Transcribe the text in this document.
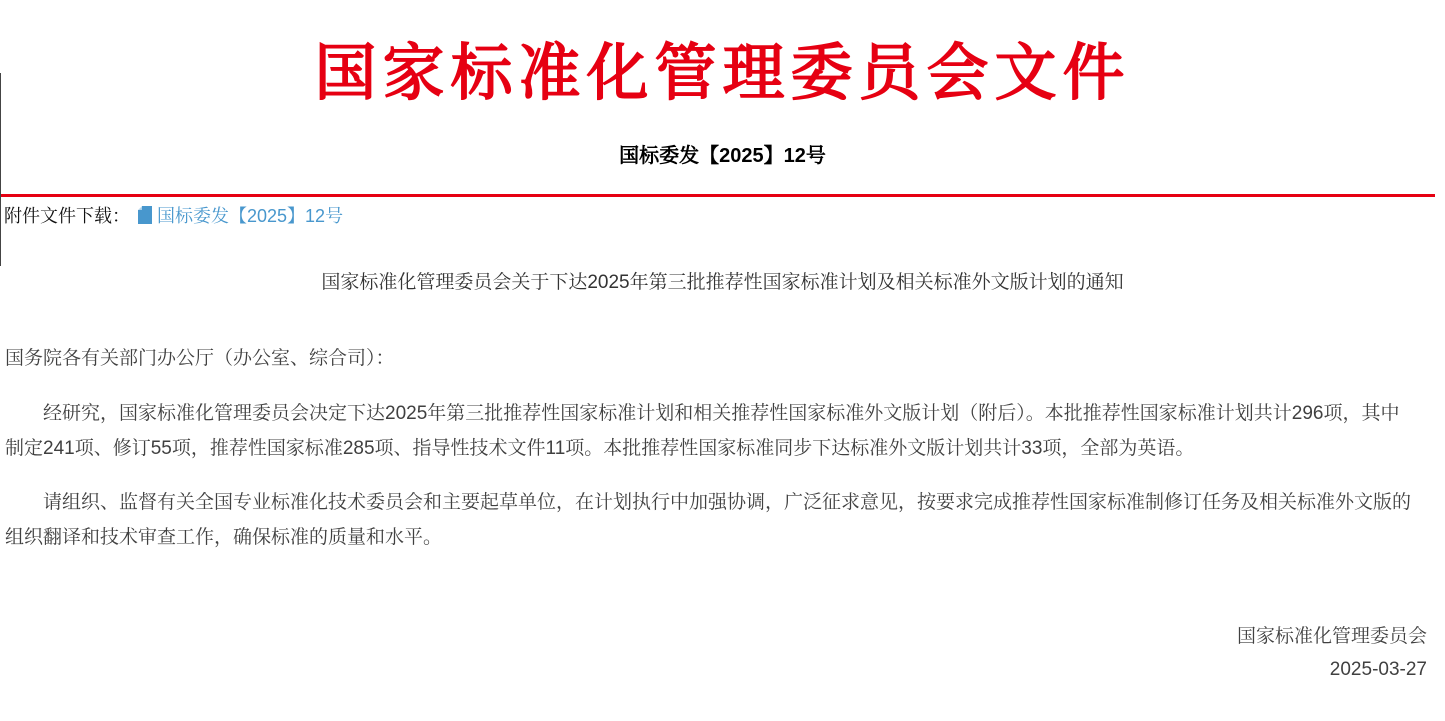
国家标准化管理委员会文件
国标委发【2025】12号
附件文件下载： 国标委发【2025】12号
国家标准化管理委员会关于下达2025年第三批推荐性国家标准计划及相关标准外文版计划的通知
国务院各有关部门办公厅（办公室、综合司）：

经研究，国家标准化管理委员会决定下达2025年第三批推荐性国家标准计划和相关推荐性国家标准外文版计划（附后）。本批推荐性国家标准计划共计296项，其中制定241项、修订55项，推荐性国家标准285项、指导性技术文件11项。本批推荐性国家标准同步下达标准外文版计划共计33项，全部为英语。

请组织、监督有关全国专业标准化技术委员会和主要起草单位，在计划执行中加强协调，广泛征求意见，按要求完成推荐性国家标准制修订任务及相关标准外文版的组织翻译和技术审查工作，确保标准的质量和水平。

国家标准化管理委员会
2025-03-27
